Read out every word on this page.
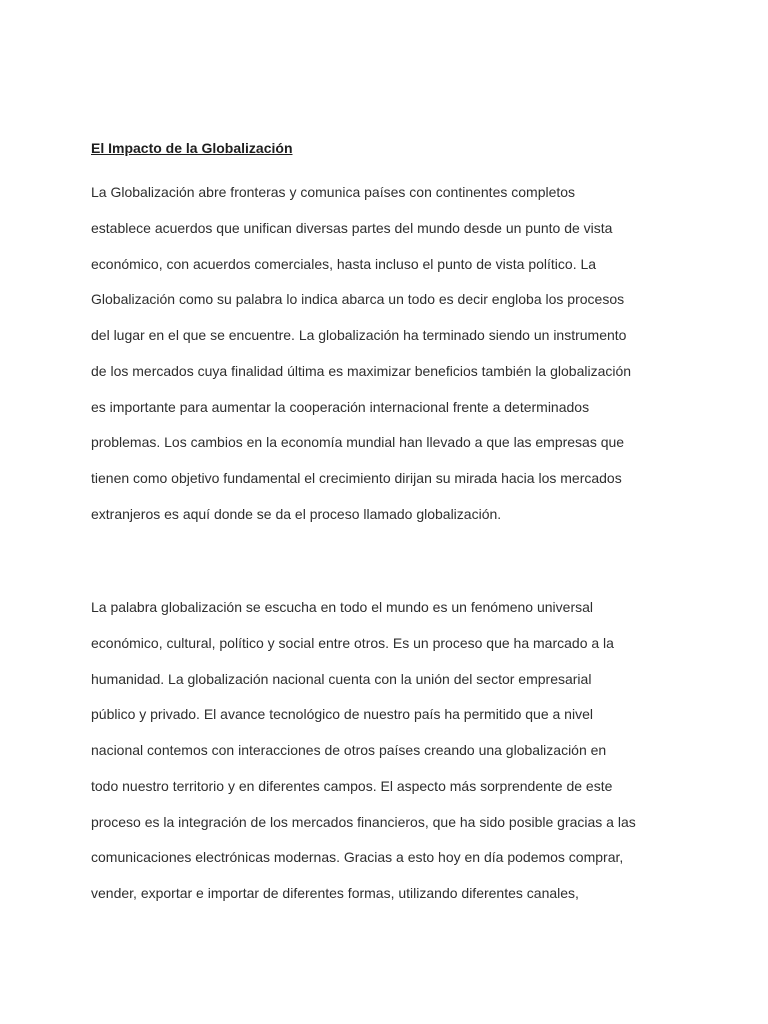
El Impacto de la Globalización
La Globalización abre fronteras y comunica países con continentes completos
establece acuerdos que unifican diversas partes del mundo desde un punto de vista
económico, con acuerdos comerciales, hasta incluso el punto de vista político. La
Globalización como su palabra lo indica abarca un todo es decir engloba los procesos
del lugar en el que se encuentre. La globalización ha terminado siendo un instrumento
de los mercados cuya finalidad última es maximizar beneficios también la globalización
es importante para aumentar la cooperación internacional frente a determinados
problemas. Los cambios en la economía mundial han llevado a que las empresas que
tienen como objetivo fundamental el crecimiento dirijan su mirada hacia los mercados
extranjeros es aquí donde se da el proceso llamado globalización.
La palabra globalización se escucha en todo el mundo es un fenómeno universal
económico, cultural, político y social entre otros. Es un proceso que ha marcado a la
humanidad. La globalización nacional cuenta con la unión del sector empresarial
público y privado. El avance tecnológico de nuestro país ha permitido que a nivel
nacional contemos con interacciones de otros países creando una globalización en
todo nuestro territorio y en diferentes campos. El aspecto más sorprendente de este
proceso es la integración de los mercados financieros, que ha sido posible gracias a las
comunicaciones electrónicas modernas. Gracias a esto hoy en día podemos comprar,
vender, exportar e importar de diferentes formas, utilizando diferentes canales,
